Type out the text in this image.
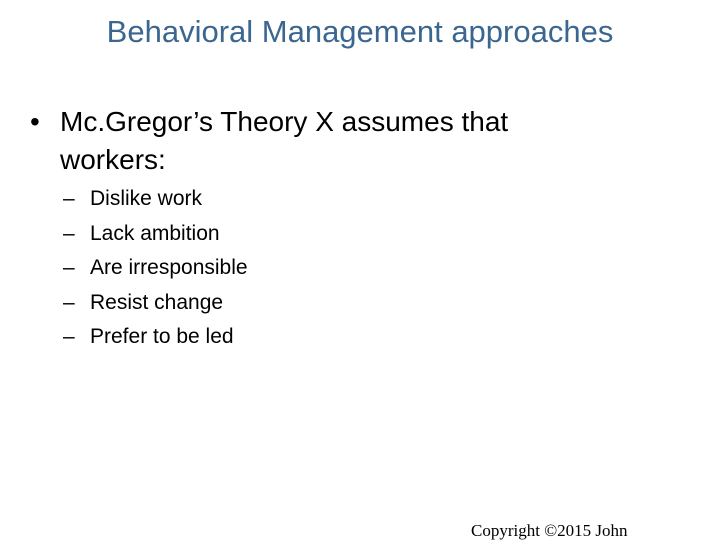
Behavioral Management approaches
• Mc.Gregor’s Theory X assumes that workers:
– Dislike work
– Lack ambition
– Are irresponsible
– Resist change
– Prefer to be led
Copyright ©2015 John
